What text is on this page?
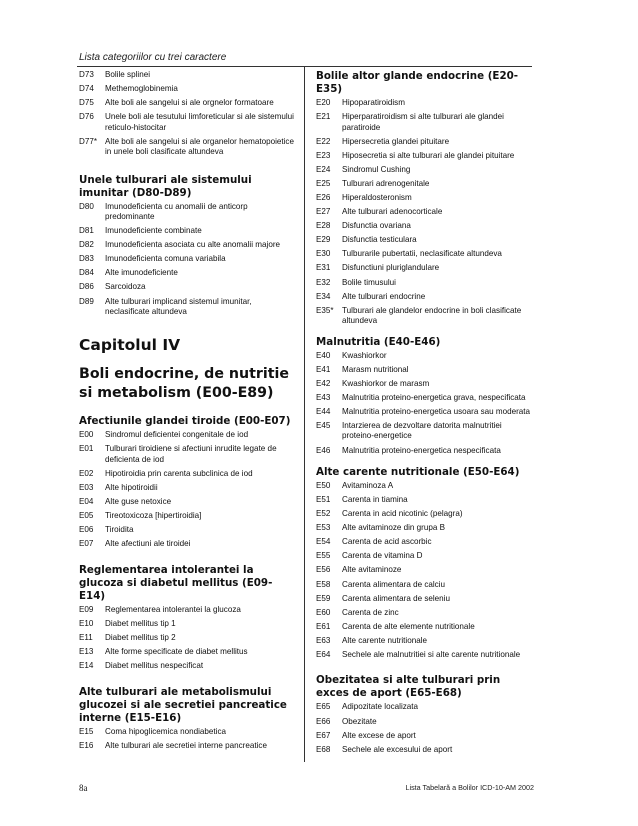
Lista categoriilor cu trei caractere
D73	Bolile splinei
D74	Methemoglobinemia
D75	Alte boli ale sangelui si ale orgnelor formatoare
D76	Unele boli ale tesutului limforeticular si ale sistemului reticulo-histocitar
D77* Alte boli ale sangelui si ale organelor hematopoietice in unele boli clasificate altundeva
Unele tulburari ale sistemului imunitar (D80-D89)
D80	Imunodeficienta cu anomalii de anticorp predominante
D81	Imunodeficiente combinate
D82	Imunodeficienta asociata cu alte anomalii majore
D83	Imunodeficienta comuna variabila
D84	Alte imunodeficiente
D86	Sarcoidoza
D89	Alte tulburari implicand sistemul imunitar, neclasificate altundeva
Capitolul IV
Boli endocrine, de nutritie si metabolism (E00-E89)
Afectiunile glandei tiroide (E00-E07)
E00	Sindromul deficientei congenitale de iod
E01	Tulburari tiroidiene si afectiuni inrudite legate de deficienta de iod
E02	Hipotiroidia prin carenta subclinica de iod
E03	Alte hipotiroidii
E04	Alte guse netoxice
E05	Tireotoxicoza [hipertiroidia]
E06	Tiroidita
E07	Alte afectiuni ale tiroidei
Reglementarea intolerantei la glucoza si diabetul mellitus (E09-E14)
E09	Reglementarea intolerantei la glucoza
E10	Diabet mellitus tip 1
E11	Diabet mellitus tip 2
E13	Alte forme specificate de diabet mellitus
E14	Diabet mellitus nespecificat
Alte tulburari ale metabolismului glucozei si ale secretiei pancreatice interne (E15-E16)
E15	Coma hipoglicemica nondiabetica
E16	Alte tulburari ale secretiei interne pancreatice
Bolile altor glande endocrine (E20-E35)
E20	Hipoparatiroidism
E21	Hiperparatiroidism si alte tulburari ale glandei paratiroide
E22	Hipersecretia glandei pituitare
E23	Hiposecretia si alte tulburari ale glandei pituitare
E24	Sindromul Cushing
E25	Tulburari adrenogenitale
E26	Hiperaldosteronism
E27	Alte tulburari adenocorticale
E28	Disfunctia ovariana
E29	Disfunctia testiculara
E30	Tulburarile pubertatii, neclasificate altundeva
E31	Disfunctiuni pluriglandulare
E32	Bolile timusului
E34	Alte tulburari endocrine
E35*	Tulburari ale glandelor endocrine in boli clasificate altundeva
Malnutritia (E40-E46)
E40	Kwashiorkor
E41	Marasm nutritional
E42	Kwashiorkor de marasm
E43	Malnutritia proteino-energetica grava, nespecificata
E44	Malnutritia proteino-energetica usoara sau moderata
E45	Intarzierea de dezvoltare datorita malnutritiei proteino-energetice
E46	Malnutritia proteino-energetica nespecificata
Alte carente nutritionale (E50-E64)
E50	Avitaminoza A
E51	Carenta in tiamina
E52	Carenta in acid nicotinic (pelagra)
E53	Alte avitaminoze din grupa B
E54	Carenta de acid ascorbic
E55	Carenta de vitamina D
E56	Alte avitaminoze
E58	Carenta alimentara de calciu
E59	Carenta alimentara de seleniu
E60	Carenta de zinc
E61	Carenta de alte elemente nutritionale
E63	Alte carente nutritionale
E64	Sechele ale malnutritiei si alte carente nutritionale
Obezitatea si alte tulburari prin exces de aport (E65-E68)
E65	Adipozitate localizata
E66	Obezitate
E67	Alte excese de aport
E68	Sechele ale excesului de aport
8a	Lista Tabelară a Bolilor ICD-10-AM 2002
